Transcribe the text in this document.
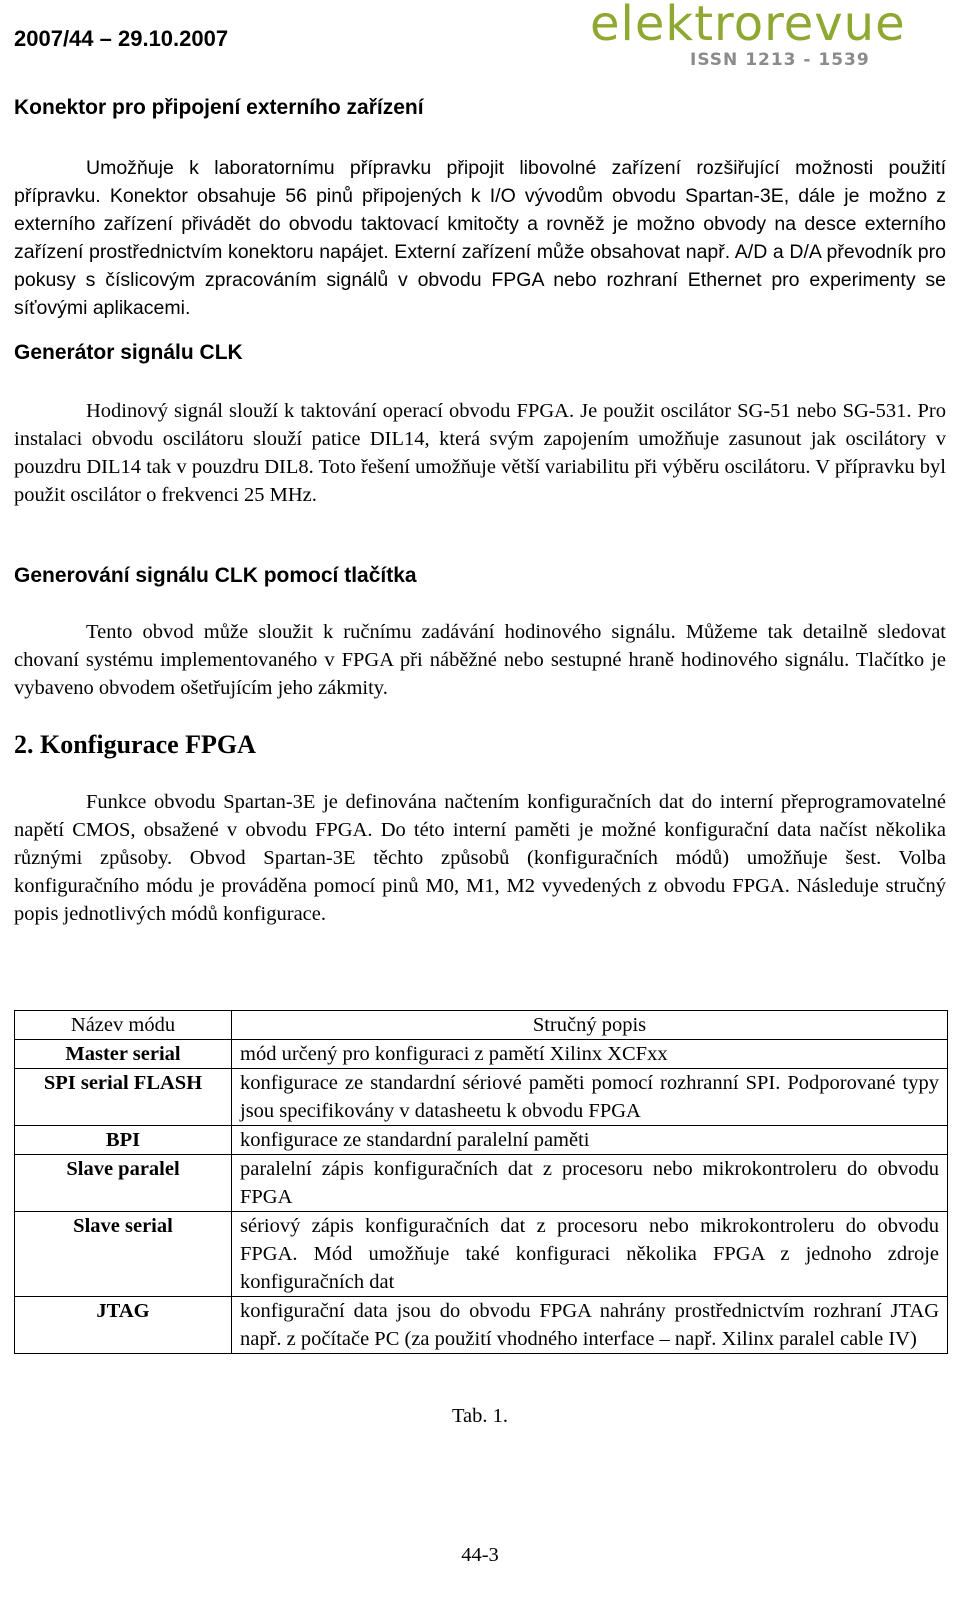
2007/44 – 29.10.2007	elektrorevue
ISSN 1213 - 1539
Konektor pro připojení externího zařízení

Umožňuje k laboratornímu přípravku připojit libovolné zařízení rozšiřující možnosti použití přípravku. Konektor obsahuje 56 pinů připojených k I/O vývodům obvodu Spartan-3E, dále je možno z externího zařízení přivádět do obvodu taktovací kmitočty a rovněž je možno obvody na desce externího zařízení prostřednictvím konektoru napájet. Externí zařízení může obsahovat např. A/D a D/A převodník pro pokusy s číslicovým zpracováním signálů v obvodu FPGA nebo rozhraní Ethernet pro experimenty se síťovými aplikacemi.

Generátor signálu CLK

Hodinový signál slouží k taktování operací obvodu FPGA. Je použit oscilátor SG-51 nebo SG-531. Pro instalaci obvodu oscilátoru slouží patice DIL14, která svým zapojením umožňuje zasunout jak oscilátory v pouzdru DIL14 tak v pouzdru DIL8. Toto řešení umožňuje větší variabilitu při výběru oscilátoru. V přípravku byl použit oscilátor o frekvenci 25 MHz.

Generování signálu CLK pomocí tlačítka

Tento obvod může sloužit k ručnímu zadávání hodinového signálu. Můžeme tak detailně sledovat chovaní systému implementovaného v FPGA při náběžné nebo sestupné hraně hodinového signálu. Tlačítko je vybaveno obvodem ošetřujícím jeho zákmity.

2. Konfigurace FPGA

Funkce obvodu Spartan-3E je definována načtením konfiguračních dat do interní přeprogramovatelné napětí CMOS, obsažené v obvodu FPGA. Do této interní paměti je možné konfigurační data načíst několika různými způsoby. Obvod Spartan-3E těchto způsobů (konfiguračních módů) umožňuje šest. Volba konfiguračního módu je prováděna pomocí pinů M0, M1, M2 vyvedených z obvodu FPGA. Následuje stručný popis jednotlivých módů konfigurace.

Název módu	Stručný popis
Master serial	mód určený pro konfiguraci z pamětí Xilinx XCFxx
SPI serial FLASH	konfigurace ze standardní sériové paměti pomocí rozhranní SPI. Podporované typy jsou specifikovány v datasheetu k obvodu FPGA
BPI	konfigurace ze standardní paralelní paměti
Slave paralel	paralelní zápis konfiguračních dat z procesoru nebo mikrokontroleru do obvodu FPGA
Slave serial	sériový zápis konfiguračních dat z procesoru nebo mikrokontroleru do obvodu FPGA. Mód umožňuje také konfiguraci několika FPGA z jednoho zdroje konfiguračních dat
JTAG	konfigurační data jsou do obvodu FPGA nahrány prostřednictvím rozhraní JTAG např. z počítače PC (za použití vhodného interface – např. Xilinx paralel cable IV)
Tab. 1.
44-3
